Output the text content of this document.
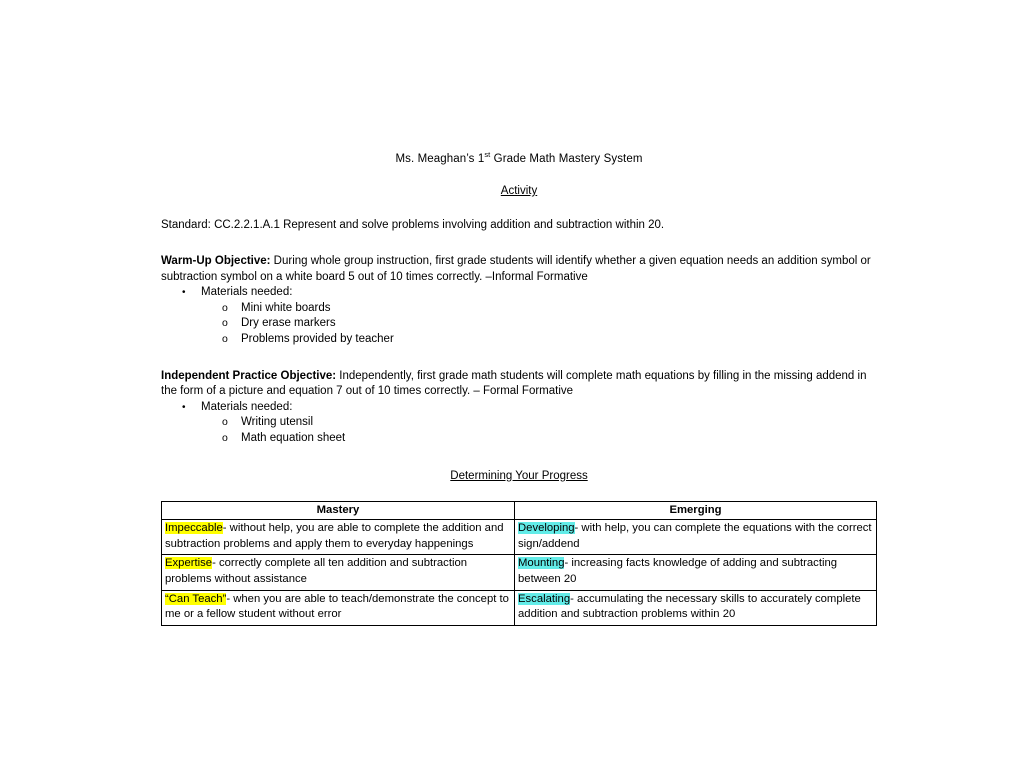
Ms. Meaghan’s 1st Grade Math Mastery System
Activity
Standard: CC.2.2.1.A.1 Represent and solve problems involving addition and subtraction within 20.
Warm-Up Objective: During whole group instruction, first grade students will identify whether a given equation needs an addition symbol or subtraction symbol on a white board 5 out of 10 times correctly. –Informal Formative
• Materials needed:
o Mini white boards
o Dry erase markers
o Problems provided by teacher
Independent Practice Objective: Independently, first grade math students will complete math equations by filling in the missing addend in the form of a picture and equation 7 out of 10 times correctly. – Formal Formative
• Materials needed:
o Writing utensil
o Math equation sheet
Determining Your Progress
Mastery	Emerging
Impeccable- without help, you are able to complete the addition and subtraction problems and apply them to everyday happenings	Developing- with help, you can complete the equations with the correct sign/addend
Expertise- correctly complete all ten addition and subtraction problems without assistance	Mounting- increasing facts knowledge of adding and subtracting between 20
“Can Teach”- when you are able to teach/demonstrate the concept to me or a fellow student without error	Escalating- accumulating the necessary skills to accurately complete addition and subtraction problems within 20
